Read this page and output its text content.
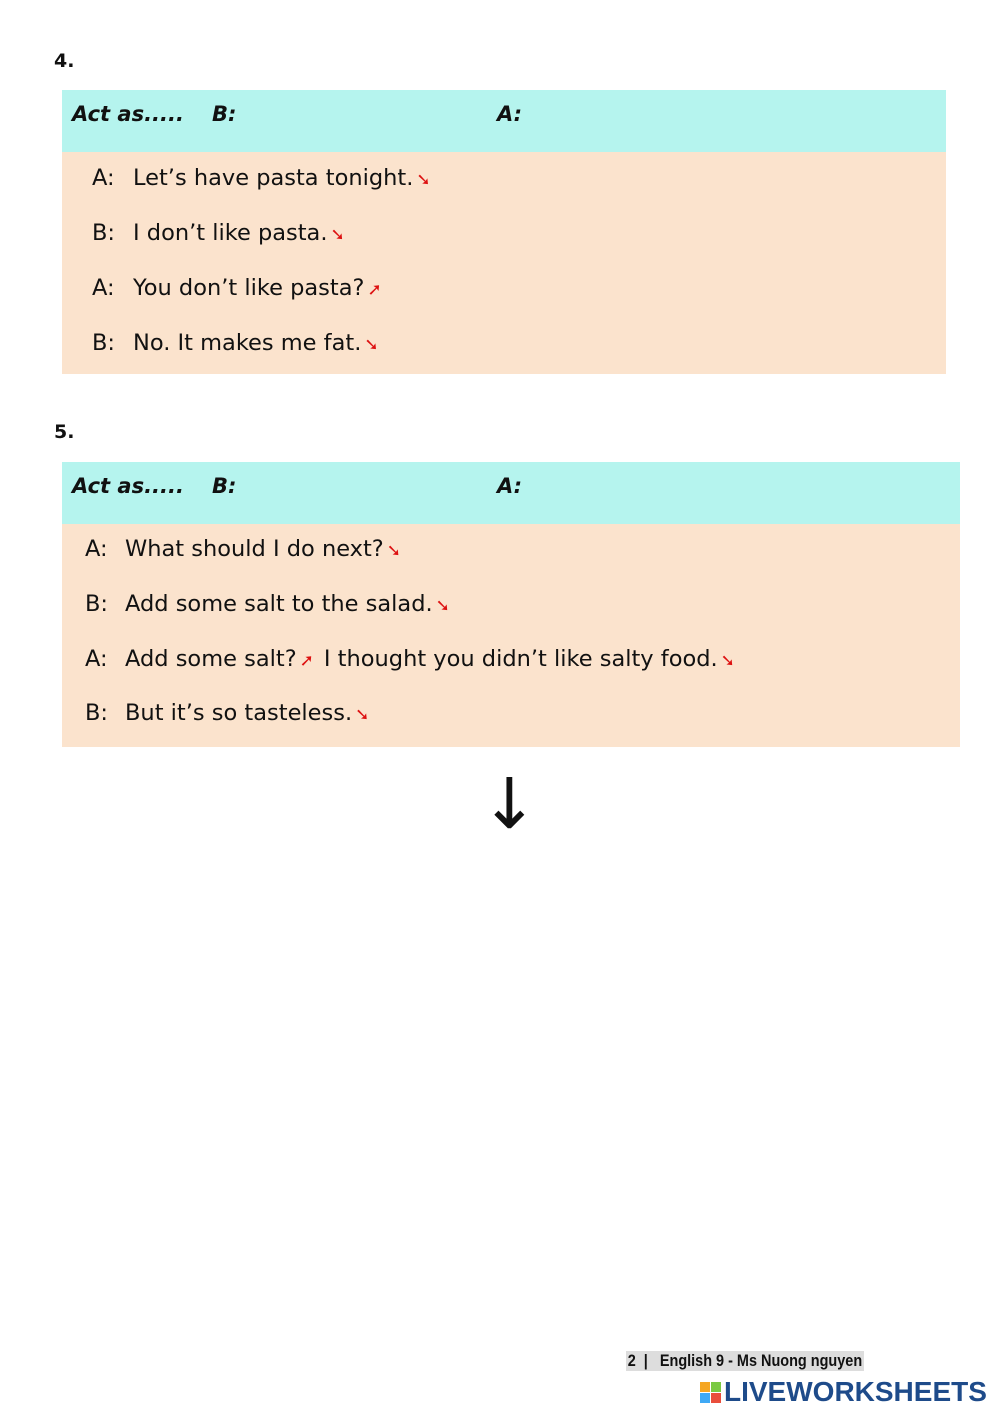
4.
Act as..... B:	A:
A: Let’s have pasta tonight. ➘
B: I don’t like pasta. ➘
A: You don’t like pasta? ➚
B: No. It makes me fat. ➘
5.
Act as..... B:	A:
A: What should I do next? ➘
B: Add some salt to the salad. ➘
A: Add some salt? ➚ I thought you didn’t like salty food. ➘
B: But it’s so tasteless. ➘
↓
2  |   English 9 - Ms Nuong nguyen
LIVEWORKSHEETS
